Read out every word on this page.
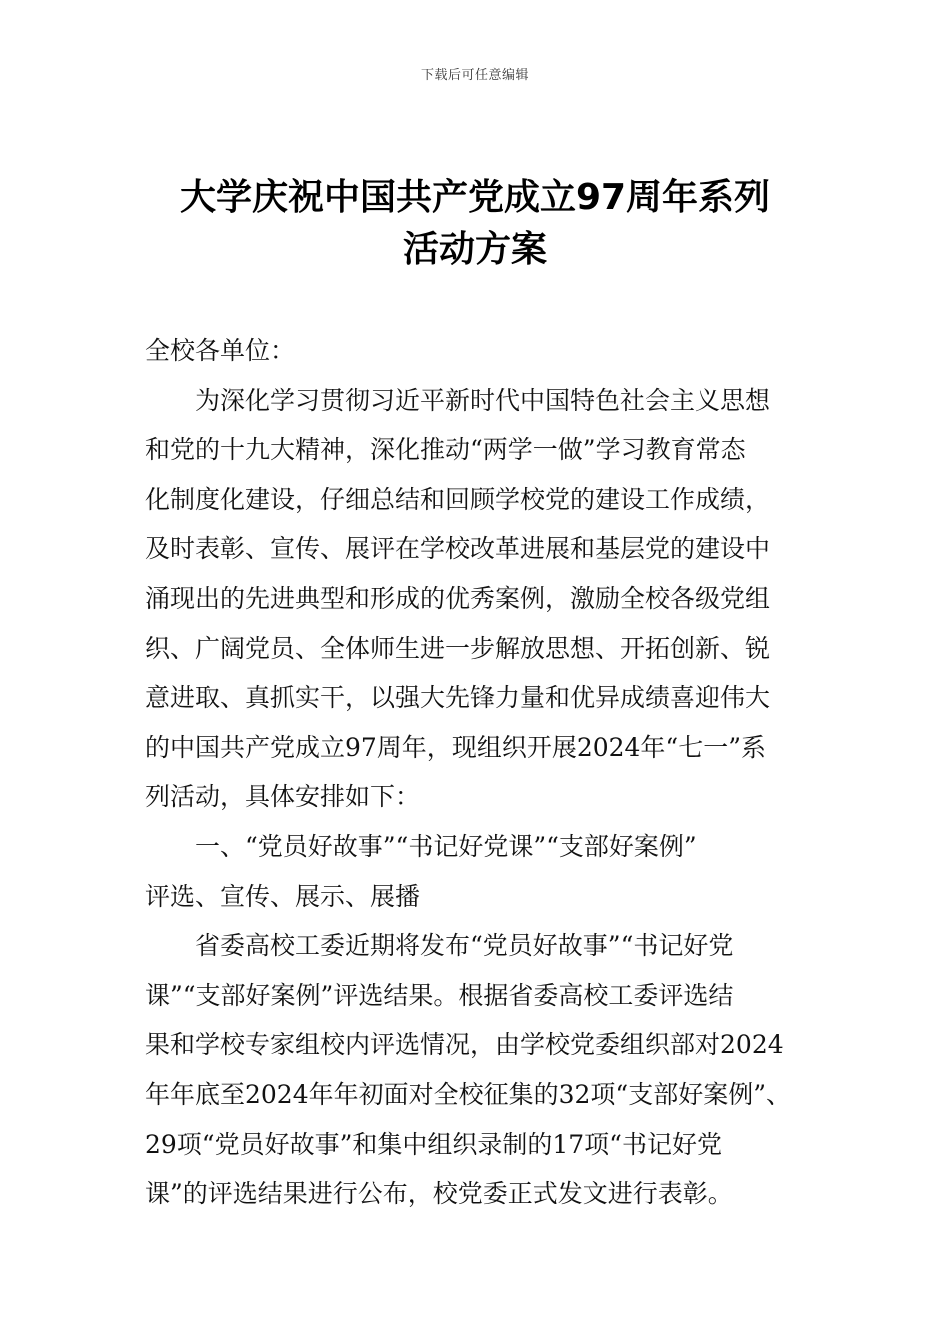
下载后可任意编辑
大学庆祝中国共产党成立97周年系列
活动方案
全校各单位：
为深化学习贯彻习近平新时代中国特色社会主义思想
和党的十九大精神，深化推动“两学一做”学习教育常态
化制度化建设，仔细总结和回顾学校党的建设工作成绩，
及时表彰、宣传、展评在学校改革进展和基层党的建设中
涌现出的先进典型和形成的优秀案例，激励全校各级党组
织、广阔党员、全体师生进一步解放思想、开拓创新、锐
意进取、真抓实干，以强大先锋力量和优异成绩喜迎伟大
的中国共产党成立97周年，现组织开展2024年“七一”系
列活动，具体安排如下：
一、“党员好故事”“书记好党课”“支部好案例”
评选、宣传、展示、展播
省委高校工委近期将发布“党员好故事”“书记好党
课”“支部好案例”评选结果。根据省委高校工委评选结
果和学校专家组校内评选情况，由学校党委组织部对2024
年年底至2024年年初面对全校征集的32项“支部好案例”、
29项“党员好故事”和集中组织录制的17项“书记好党
课”的评选结果进行公布，校党委正式发文进行表彰。
